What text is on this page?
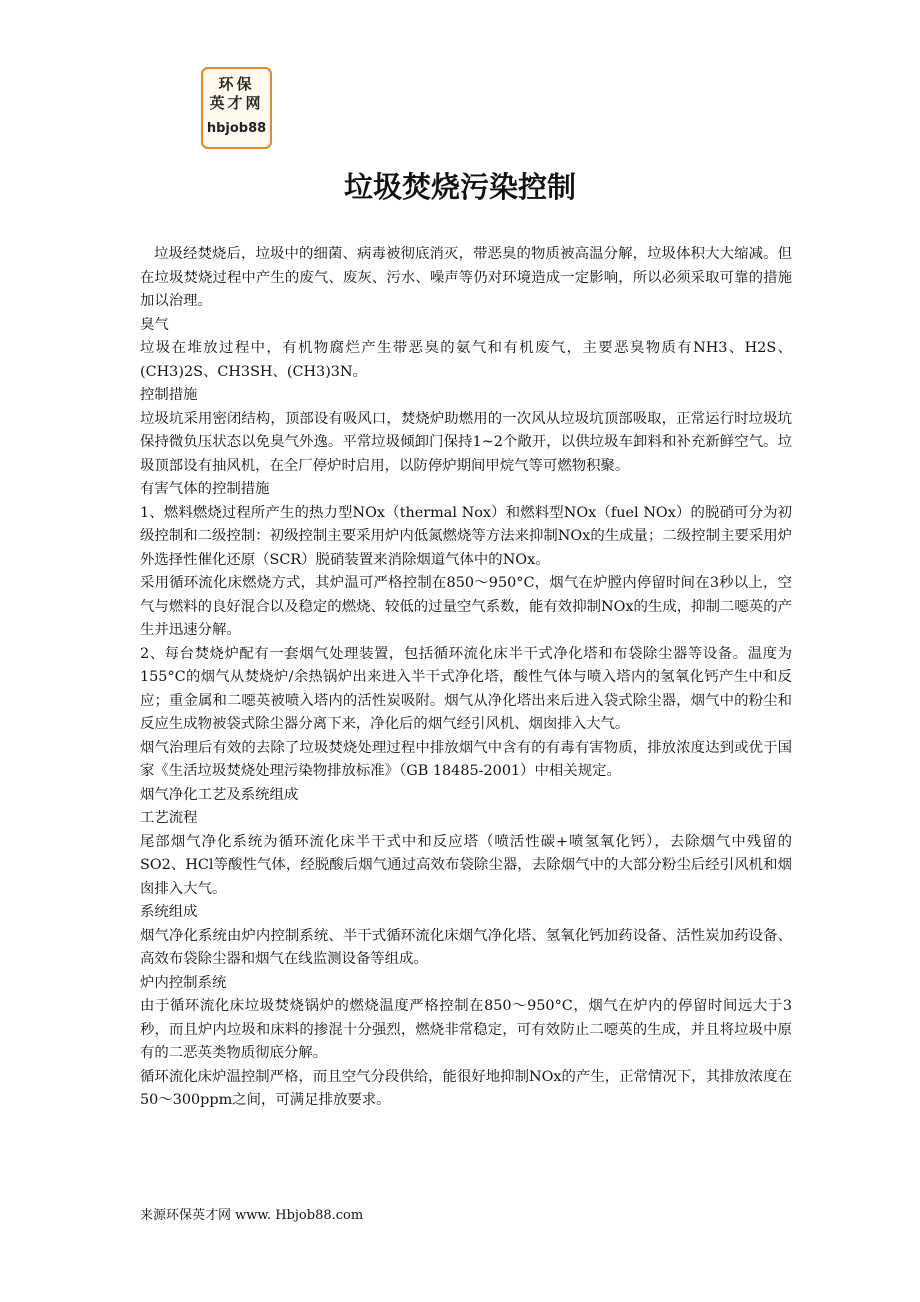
环保
英才网
hbjob88
垃圾焚烧污染控制

垃圾经焚烧后，垃圾中的细菌、病毒被彻底消灭，带恶臭的物质被高温分解，垃圾体积大大缩减。但在垃圾焚烧过程中产生的废气、废灰、污水、噪声等仍对环境造成一定影响，所以必须采取可靠的措施加以治理。

臭气

垃圾在堆放过程中，有机物腐烂产生带恶臭的氨气和有机废气，主要恶臭物质有NH3、H2S、(CH3)2S、CH3SH、(CH3)3N。

控制措施

垃圾坑采用密闭结构，顶部设有吸风口，焚烧炉助燃用的一次风从垃圾坑顶部吸取，正常运行时垃圾坑保持微负压状态以免臭气外逸。平常垃圾倾卸门保持1~2个敞开，以供垃圾车卸料和补充新鲜空气。垃圾顶部设有抽风机，在全厂停炉时启用，以防停炉期间甲烷气等可燃物积聚。

有害气体的控制措施

1、燃料燃烧过程所产生的热力型NOx（thermal Nox）和燃料型NOx（fuel NOx）的脱硝可分为初级控制和二级控制：初级控制主要采用炉内低氮燃烧等方法来抑制NOx的生成量；二级控制主要采用炉外选择性催化还原（SCR）脱硝装置来消除烟道气体中的NOx。

采用循环流化床燃烧方式，其炉温可严格控制在850～950°C，烟气在炉膛内停留时间在3秒以上，空气与燃料的良好混合以及稳定的燃烧、较低的过量空气系数，能有效抑制NOx的生成，抑制二噁英的产生并迅速分解。

2、每台焚烧炉配有一套烟气处理装置，包括循环流化床半干式净化塔和布袋除尘器等设备。温度为155°C的烟气从焚烧炉/余热锅炉出来进入半干式净化塔，酸性气体与喷入塔内的氢氧化钙产生中和反应；重金属和二噁英被喷入塔内的活性炭吸附。烟气从净化塔出来后进入袋式除尘器，烟气中的粉尘和反应生成物被袋式除尘器分离下来，净化后的烟气经引风机、烟囱排入大气。

烟气治理后有效的去除了垃圾焚烧处理过程中排放烟气中含有的有毒有害物质，排放浓度达到或优于国家《生活垃圾焚烧处理污染物排放标准》（GB 18485-2001）中相关规定。

烟气净化工艺及系统组成

工艺流程

尾部烟气净化系统为循环流化床半干式中和反应塔（喷活性碳+喷氢氧化钙），去除烟气中残留的SO2、HCl等酸性气体，经脱酸后烟气通过高效布袋除尘器，去除烟气中的大部分粉尘后经引风机和烟囱排入大气。

系统组成

烟气净化系统由炉内控制系统、半干式循环流化床烟气净化塔、氢氧化钙加药设备、活性炭加药设备、高效布袋除尘器和烟气在线监测设备等组成。

炉内控制系统

由于循环流化床垃圾焚烧锅炉的燃烧温度严格控制在850～950°C，烟气在炉内的停留时间远大于3秒，而且炉内垃圾和床料的掺混十分强烈，燃烧非常稳定，可有效防止二噁英的生成，并且将垃圾中原有的二恶英类物质彻底分解。

循环流化床炉温控制严格，而且空气分段供给，能很好地抑制NOx的产生，正常情况下，其排放浓度在50～300ppm之间，可满足排放要求。

来源环保英才网 www. Hbjob88.com
